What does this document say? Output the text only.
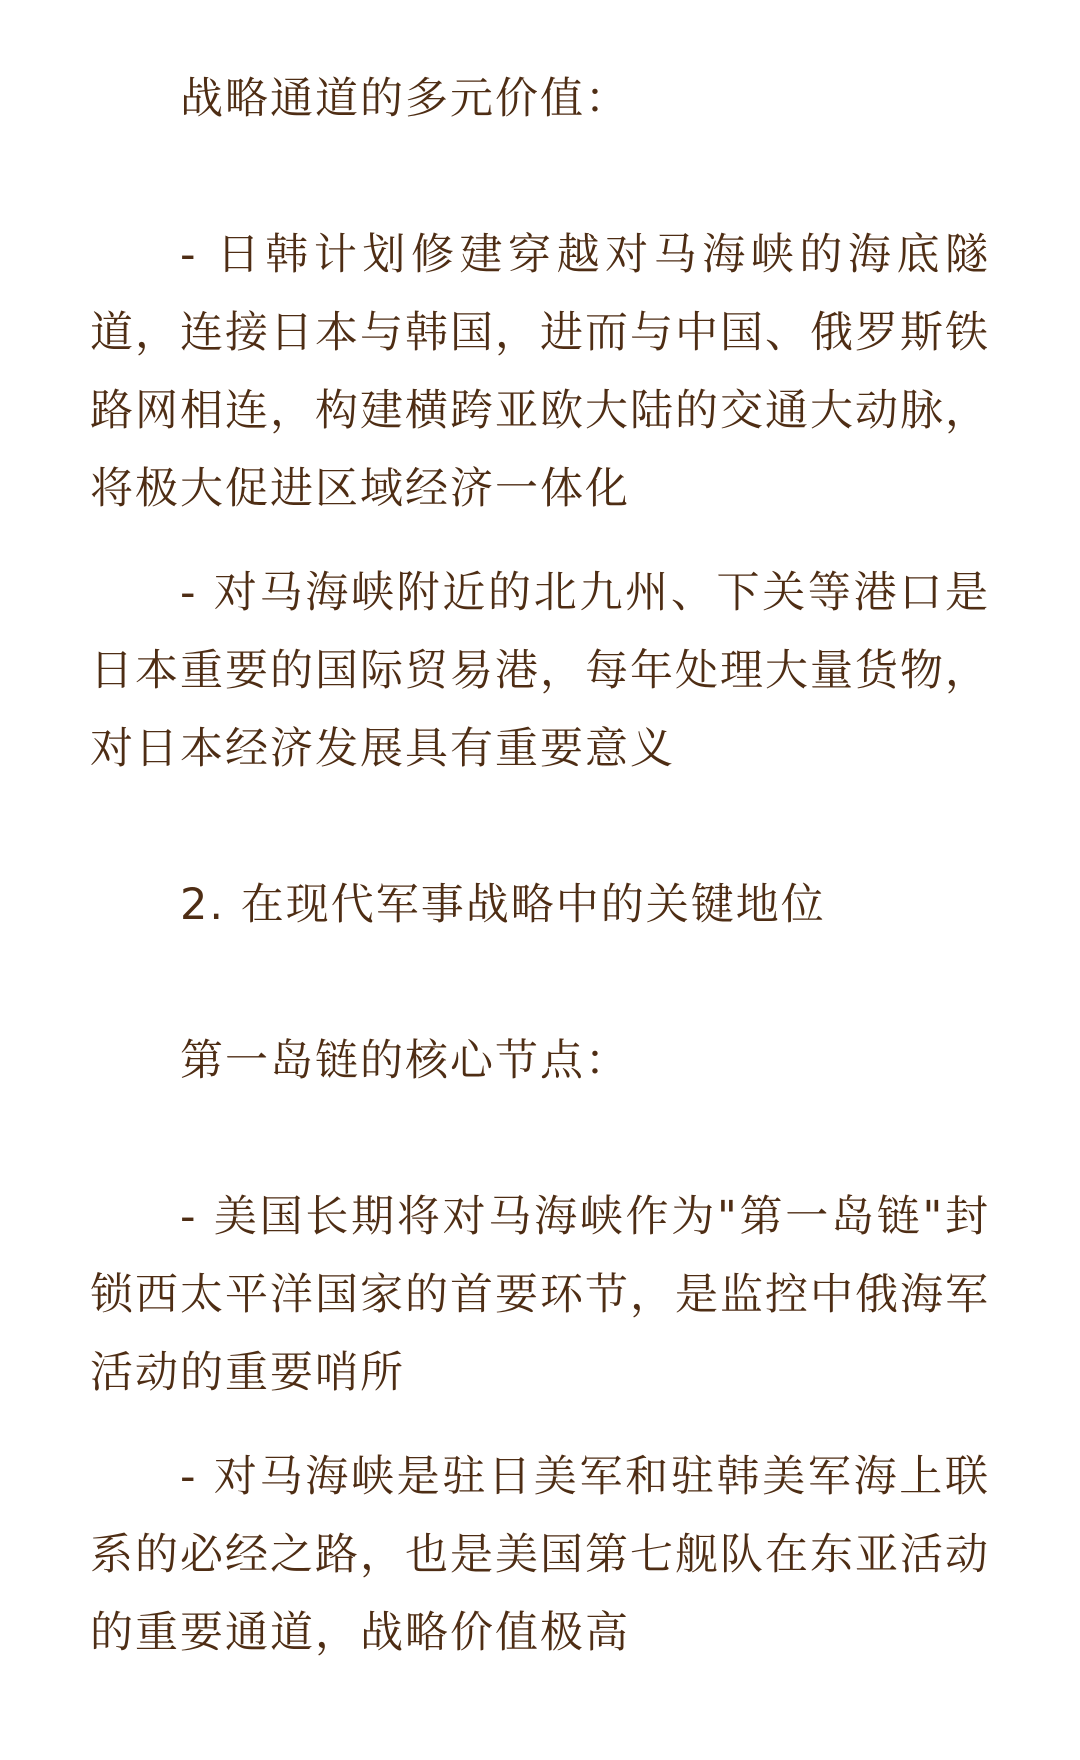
战略通道的多元价值：

- 日韩计划修建穿越对马海峡的海底隧道，连接日本与韩国，进而与中国、俄罗斯铁路网相连，构建横跨亚欧大陆的交通大动脉，将极大促进区域经济一体化

- 对马海峡附近的北九州、下关等港口是日本重要的国际贸易港，每年处理大量货物，对日本经济发展具有重要意义

2. 在现代军事战略中的关键地位

第一岛链的核心节点：

- 美国长期将对马海峡作为"第一岛链"封锁西太平洋国家的首要环节，是监控中俄海军活动的重要哨所

- 对马海峡是驻日美军和驻韩美军海上联系的必经之路，也是美国第七舰队在东亚活动的重要通道，战略价值极高
